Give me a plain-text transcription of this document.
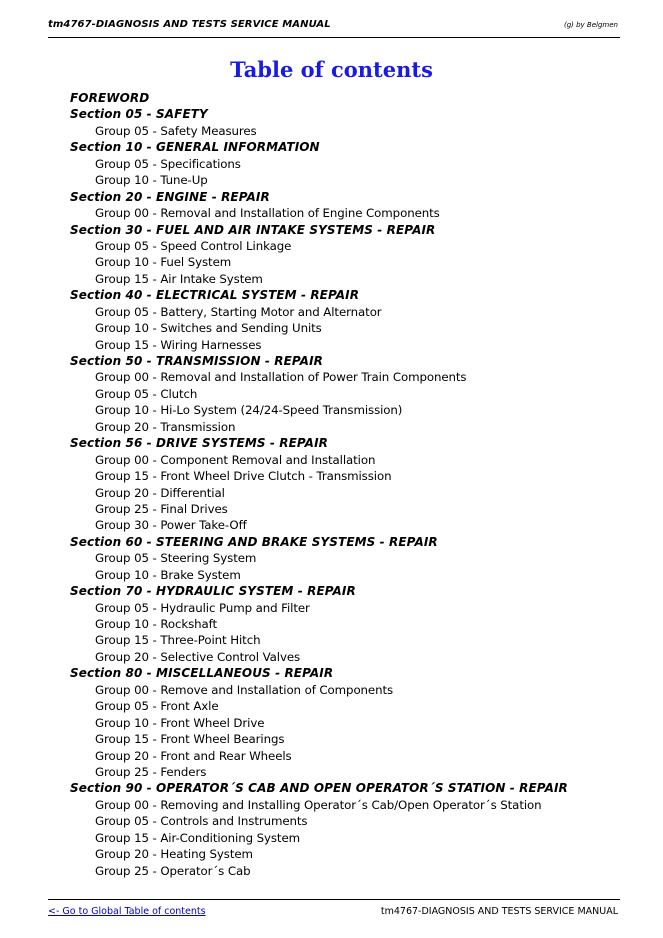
tm4767-DIAGNOSIS AND TESTS SERVICE MANUAL	(g) by Belgmen
Table of contents
FOREWORD
Section 05 - SAFETY
Group 05 - Safety Measures
Section 10 - GENERAL INFORMATION
Group 05 - Specifications
Group 10 - Tune-Up
Section 20 - ENGINE - REPAIR
Group 00 - Removal and Installation of Engine Components
Section 30 - FUEL AND AIR INTAKE SYSTEMS - REPAIR
Group 05 - Speed Control Linkage
Group 10 - Fuel System
Group 15 - Air Intake System
Section 40 - ELECTRICAL SYSTEM - REPAIR
Group 05 - Battery, Starting Motor and Alternator
Group 10 - Switches and Sending Units
Group 15 - Wiring Harnesses
Section 50 - TRANSMISSION - REPAIR
Group 00 - Removal and Installation of Power Train Components
Group 05 - Clutch
Group 10 - Hi-Lo System (24/24-Speed Transmission)
Group 20 - Transmission
Section 56 - DRIVE SYSTEMS - REPAIR
Group 00 - Component Removal and Installation
Group 15 - Front Wheel Drive Clutch - Transmission
Group 20 - Differential
Group 25 - Final Drives
Group 30 - Power Take-Off
Section 60 - STEERING AND BRAKE SYSTEMS - REPAIR
Group 05 - Steering System
Group 10 - Brake System
Section 70 - HYDRAULIC SYSTEM - REPAIR
Group 05 - Hydraulic Pump and Filter
Group 10 - Rockshaft
Group 15 - Three-Point Hitch
Group 20 - Selective Control Valves
Section 80 - MISCELLANEOUS - REPAIR
Group 00 - Remove and Installation of Components
Group 05 - Front Axle
Group 10 - Front Wheel Drive
Group 15 - Front Wheel Bearings
Group 20 - Front and Rear Wheels
Group 25 - Fenders
Section 90 - OPERATOR´S CAB AND OPEN OPERATOR´S STATION - REPAIR
Group 00 - Removing and Installing Operator´s Cab/Open Operator´s Station
Group 05 - Controls and Instruments
Group 15 - Air-Conditioning System
Group 20 - Heating System
Group 25 - Operator´s Cab
<- Go to Global Table of contents	tm4767-DIAGNOSIS AND TESTS SERVICE MANUAL
